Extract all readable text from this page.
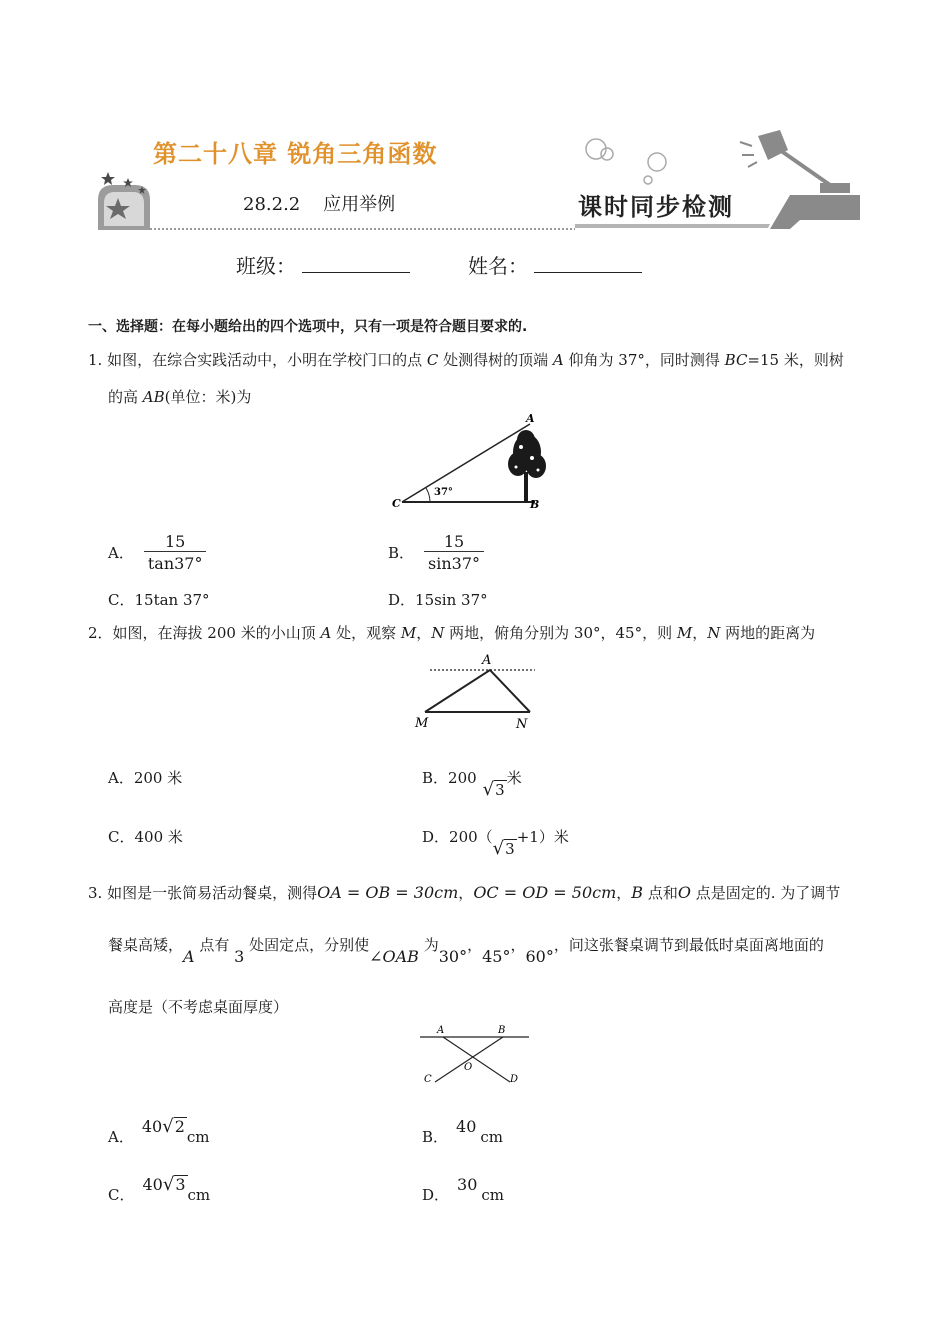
第二十八章 锐角三角函数
28.2.2    应用举例	课时同步检测
班级：	姓名：
一、选择题：在每小题给出的四个选项中，只有一项是符合题目要求的.
1. 如图，在综合实践活动中，小明在学校门口的点 C 处测得树的顶端 A 仰角为 37°，同时测得 BC=15 米，则树
的高 AB(单位：米)为
A
B
C
37°
A． $\frac{15}{\tan 37^\circ}$	B． $\frac{15}{\sin 37^\circ}$
C．15tan 37°	D．15sin 37°
2．如图，在海拔 200 米的小山顶 A 处，观察 M，N 两地，俯角分别为 30°，45°，则 M，N 两地的距离为
A
M	N
A．200 米	B．200√3米
C．400 米	D．200（√3+1）米
3. 如图是一张简易活动餐桌，测得OA = OB = 30cm，OC = OD = 50cm，B 点和O 点是固定的. 为了调节
餐桌高矮，A 点有 3 处固定点，分别使∠OAB 为30°，45°，60°，问这张餐桌调节到最低时桌面离地面的
高度是（不考虑桌面厚度）
A	B
O
C	D
A．40√2cm	B．40cm
C．40√3cm	D．30cm
